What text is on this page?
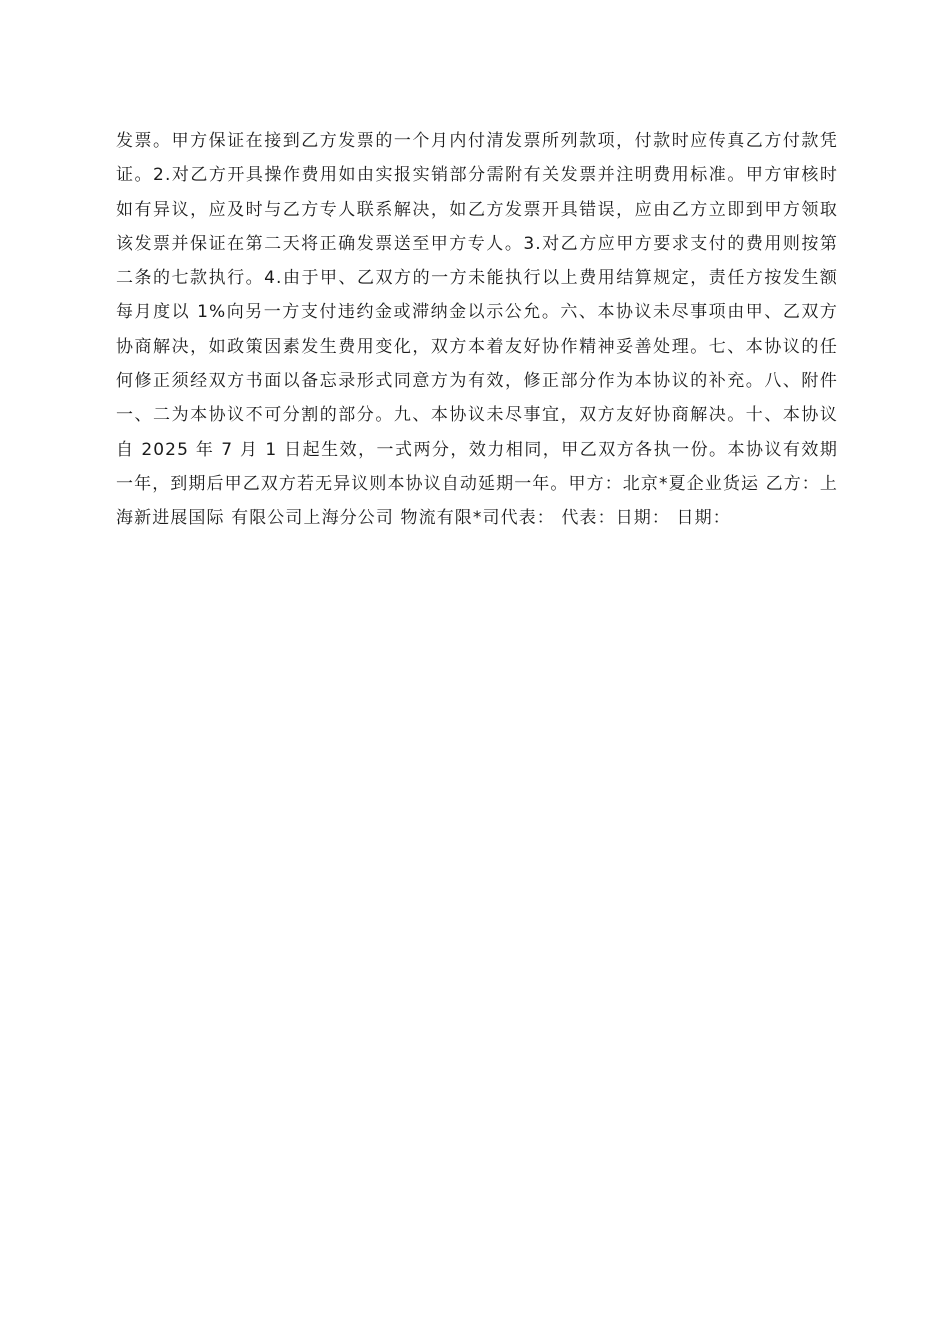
发票。甲方保证在接到乙方发票的一个月内付清发票所列款项，付款时应传真乙方付款凭证。2.对乙方开具操作费用如由实报实销部分需附有关发票并注明费用标准。甲方审核时如有异议，应及时与乙方专人联系解决，如乙方发票开具错误，应由乙方立即到甲方领取该发票并保证在第二天将正确发票送至甲方专人。3.对乙方应甲方要求支付的费用则按第二条的七款执行。4.由于甲、乙双方的一方未能执行以上费用结算规定，责任方按发生额每月度以 1%向另一方支付违约金或滞纳金以示公允。六、本协议未尽事项由甲、乙双方协商解决，如政策因素发生费用变化，双方本着友好协作精神妥善处理。七、本协议的任何修正须经双方书面以备忘录形式同意方为有效，修正部分作为本协议的补充。八、附件一、二为本协议不可分割的部分。九、本协议未尽事宜，双方友好协商解决。十、本协议自 2025 年 7 月 1 日起生效，一式两分，效力相同，甲乙双方各执一份。本协议有效期一年，到期后甲乙双方若无异议则本协议自动延期一年。甲方：北京*夏企业货运 乙方：上海新进展国际 有限公司上海分公司 物流有限*司代表： 代表：日期： 日期：
